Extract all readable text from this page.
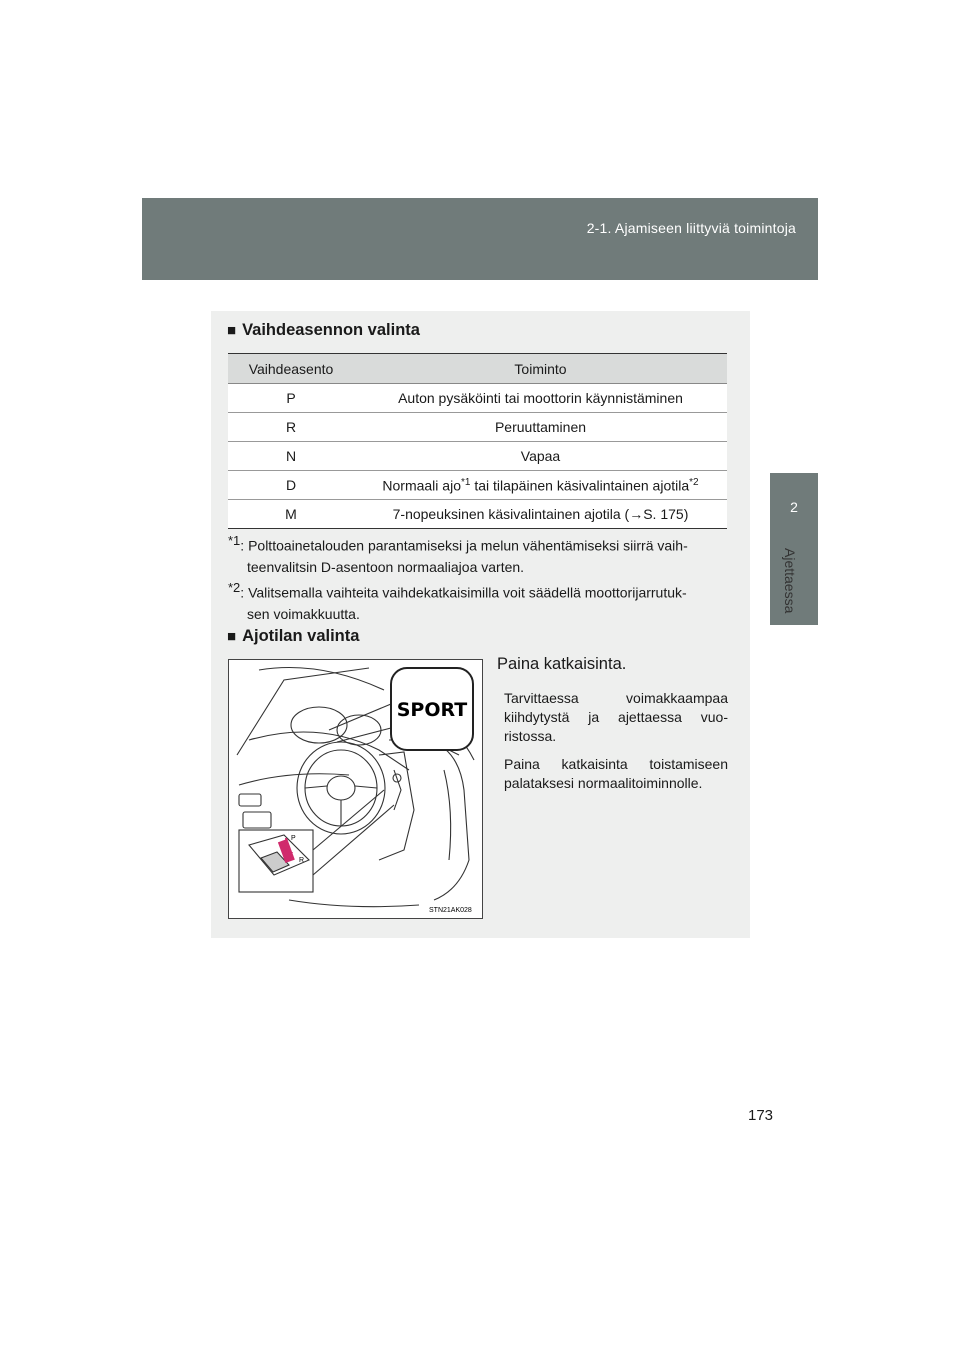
2-1. Ajamiseen liittyviä toimintoja
2
Ajettaessa
■ Vaihdeasennon valinta
Vaihdeasento	Toiminto
P	Auton pysäköinti tai moottorin käynnistäminen
R	Peruuttaminen
N	Vapaa
D	Normaali ajo$^{*1}$ tai tilapäinen käsivalintainen ajotila$^{*2}$
M	7-nopeuksinen käsivalintainen ajotila (→S. 175)
$^{*1}$: Polttoainetalouden parantamiseksi ja melun vähentämiseksi siirrä vaih-
teenvalitsin D-asentoon normaaliajoa varten.
$^{*2}$: Valitsemalla vaihteita vaihdekatkaisimilla voit säädellä moottorijarrutuk-
sen voimakkuutta.
■ Ajotilan valinta
P
R
SPORT
STN21AK028

Paina katkaisinta.

Tarvittaessa voimakkaampaa kiihdytystä ja ajettaessa vuoristossa.

Paina katkaisinta toistamiseen palataksesi normaalitoiminnolle.

173
